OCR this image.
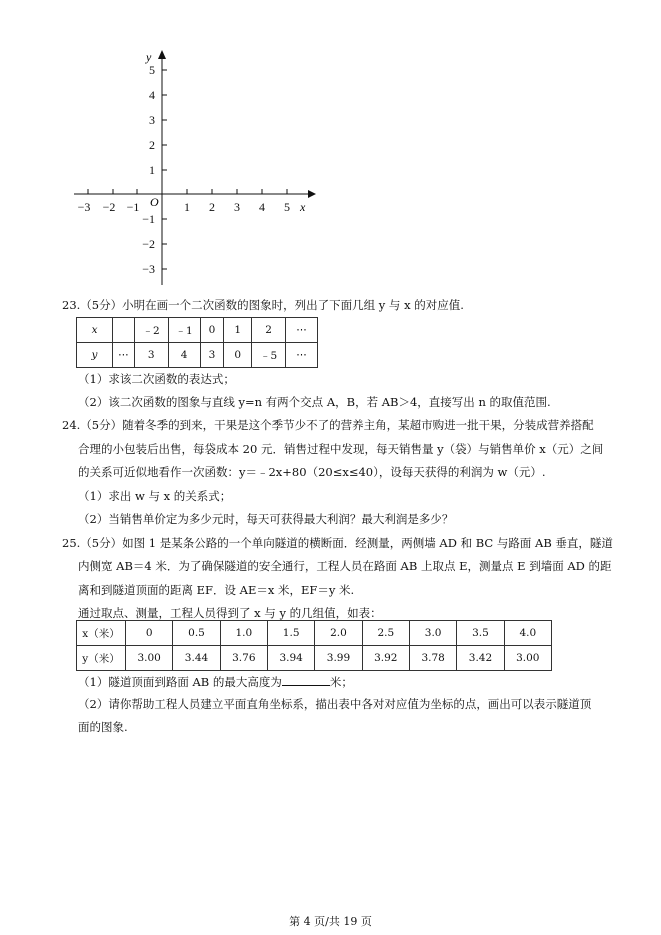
−3 −2 −1	1 2 3 4 5 x
O
5
4
3
2
1
−1
−2
−3
y
23.（5分）小明在画一个二次函数的图象时，列出了下面几组 y 与 x 的对应值.
x		﹣2	﹣1	0	1	2	⋯
y	⋯	3	4	3	0	﹣5	⋯
（1）求该二次函数的表达式；
（2）该二次函数的图象与直线 y=n 有两个交点 A，B，若 AB＞4，直接写出 n 的取值范围.
24.（5分）随着冬季的到来，干果是这个季节少不了的营养主角，某超市购进一批干果，分装成营养搭配
合理的小包装后出售，每袋成本 20 元．销售过程中发现，每天销售量 y（袋）与销售单价 x（元）之间
的关系可近似地看作一次函数：y＝﹣2x+80（20≤x≤40），设每天获得的利润为 w（元）.
（1）求出 w 与 x 的关系式；
（2）当销售单价定为多少元时，每天可获得最大利润？最大利润是多少？
25.（5分）如图 1 是某条公路的一个单向隧道的横断面．经测量，两侧墙 AD 和 BC 与路面 AB 垂直，隧道
内侧宽 AB＝4 米．为了确保隧道的安全通行，工程人员在路面 AB 上取点 E，测量点 E 到墙面 AD 的距
离和到隧道顶面的距离 EF．设 AE＝x 米，EF＝y 米.
通过取点、测量，工程人员得到了 x 与 y 的几组值，如表：
x（米）	0	0.5	1.0	1.5	2.0	2.5	3.0	3.5	4.0
y（米）	3.00	3.44	3.76	3.94	3.99	3.92	3.78	3.42	3.00
（1）隧道顶面到路面 AB 的最大高度为	米；
（2）请你帮助工程人员建立平面直角坐标系，描出表中各对对应值为坐标的点，画出可以表示隧道顶
面的图象.
第 4 页/共 19 页
